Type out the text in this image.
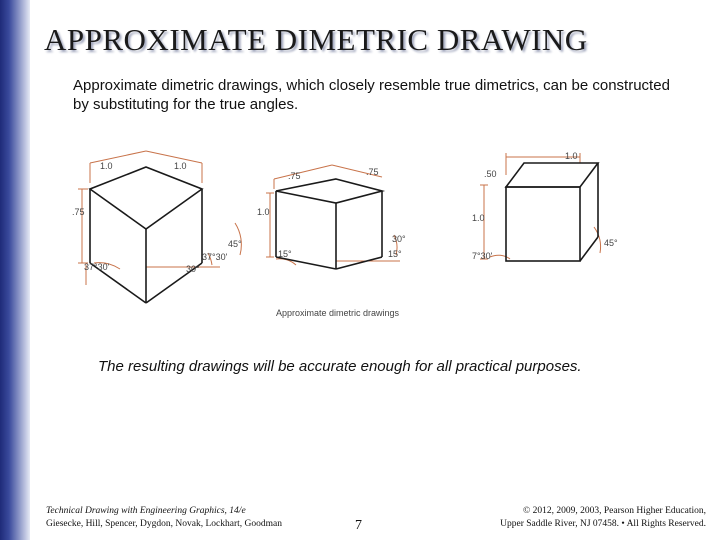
APPROXIMATE DIMETRIC DRAWING

Approximate dimetric drawings, which closely resemble true dimetrics, can be constructed by substituting for the true angles.

1.0	1.0
.75
45°
37°30'
37°30'	30°
.75	.75
1.0
30°
15°	15°
1.0
.50
1.0
45°
7°30'
Approximate dimetric drawings

The resulting drawings will be accurate enough for all practical purposes.

Technical Drawing with Engineering Graphics, 14/e
Giesecke, Hill, Spencer, Dygdon, Novak, Lockhart, Goodman	7
© 2012, 2009, 2003, Pearson Higher Education,
Upper Saddle River, NJ 07458. • All Rights Reserved.
